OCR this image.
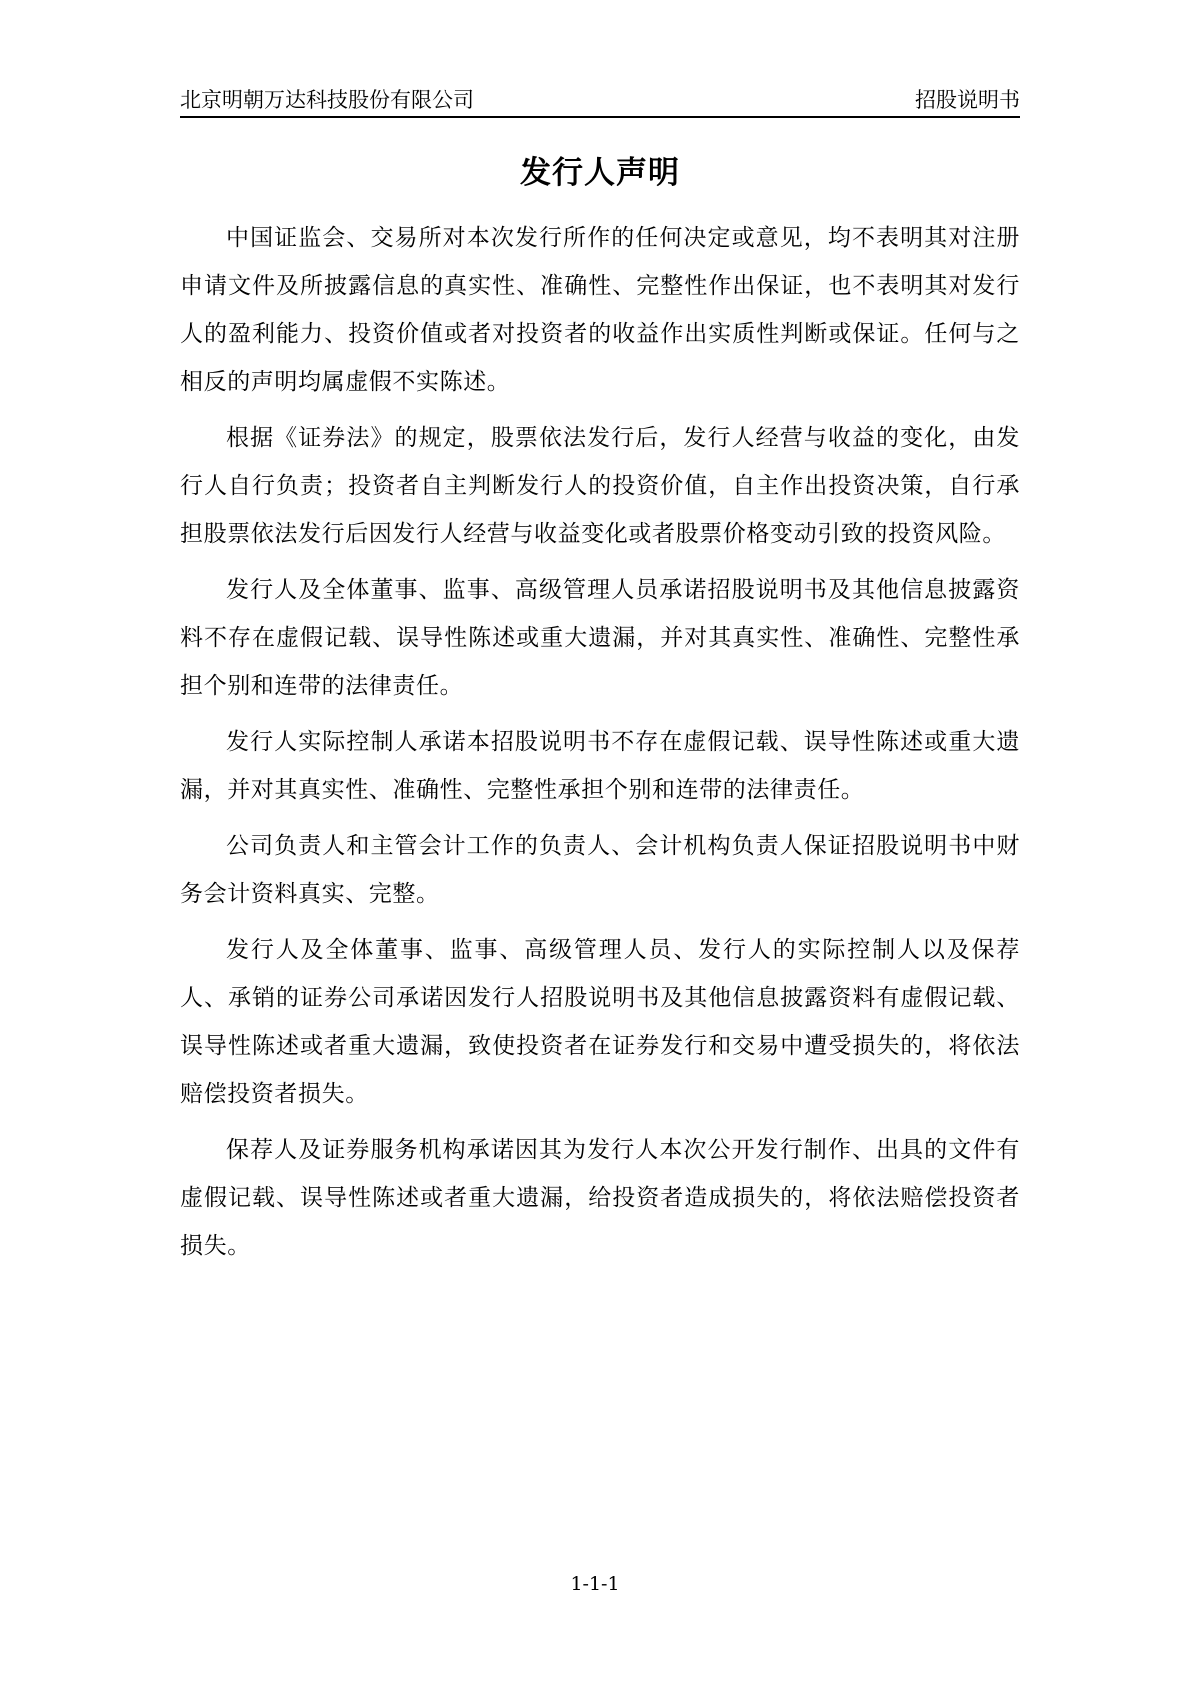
北京明朝万达科技股份有限公司	招股说明书
发行人声明

中国证监会、交易所对本次发行所作的任何决定或意见，均不表明其对注册申请文件及所披露信息的真实性、准确性、完整性作出保证，也不表明其对发行人的盈利能力、投资价值或者对投资者的收益作出实质性判断或保证。任何与之相反的声明均属虚假不实陈述。

根据《证券法》的规定，股票依法发行后，发行人经营与收益的变化，由发行人自行负责；投资者自主判断发行人的投资价值，自主作出投资决策，自行承担股票依法发行后因发行人经营与收益变化或者股票价格变动引致的投资风险。

发行人及全体董事、监事、高级管理人员承诺招股说明书及其他信息披露资料不存在虚假记载、误导性陈述或重大遗漏，并对其真实性、准确性、完整性承担个别和连带的法律责任。

发行人实际控制人承诺本招股说明书不存在虚假记载、误导性陈述或重大遗漏，并对其真实性、准确性、完整性承担个别和连带的法律责任。

公司负责人和主管会计工作的负责人、会计机构负责人保证招股说明书中财务会计资料真实、完整。

发行人及全体董事、监事、高级管理人员、发行人的实际控制人以及保荐人、承销的证券公司承诺因发行人招股说明书及其他信息披露资料有虚假记载、误导性陈述或者重大遗漏，致使投资者在证券发行和交易中遭受损失的，将依法赔偿投资者损失。

保荐人及证券服务机构承诺因其为发行人本次公开发行制作、出具的文件有虚假记载、误导性陈述或者重大遗漏，给投资者造成损失的，将依法赔偿投资者损失。

1-1-1
